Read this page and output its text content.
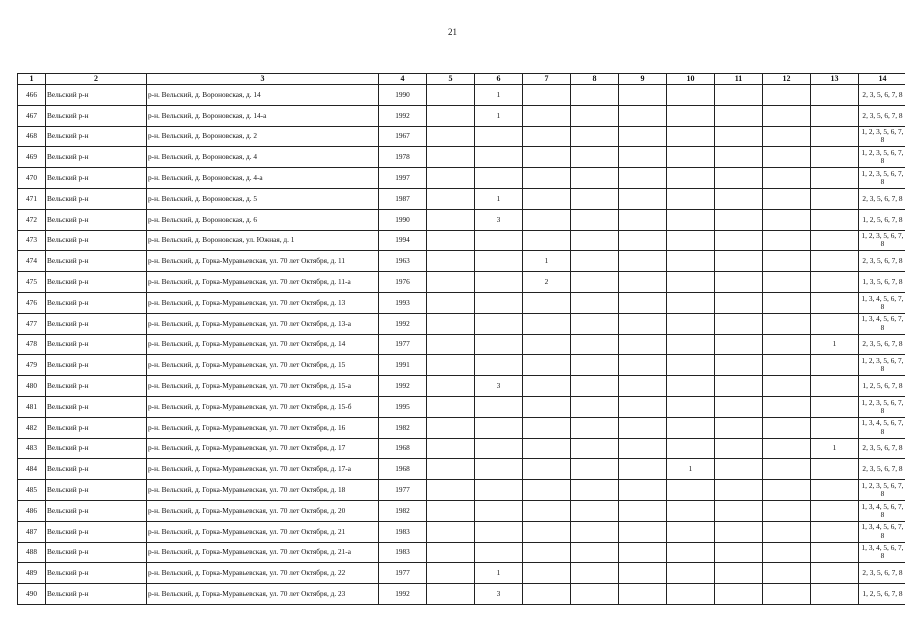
21
1	2	3	4	5	6	7	8	9	10	11	12	13	14
466	Вельский р-н	р-н. Вельский, д. Вороновская, д. 14	1990		1								2, 3, 5, 6, 7, 8
467	Вельский р-н	р-н. Вельский, д. Вороновская, д. 14-а	1992		1								2, 3, 5, 6, 7, 8
468	Вельский р-н	р-н. Вельский, д. Вороновская, д. 2	1967										1, 2, 3, 5, 6, 7, 8
469	Вельский р-н	р-н. Вельский, д. Вороновская, д. 4	1978										1, 2, 3, 5, 6, 7, 8
470	Вельский р-н	р-н. Вельский, д. Вороновская, д. 4-а	1997										1, 2, 3, 5, 6, 7, 8
471	Вельский р-н	р-н. Вельский, д. Вороновская, д. 5	1987		1								2, 3, 5, 6, 7, 8
472	Вельский р-н	р-н. Вельский, д. Вороновская, д. 6	1990		3								1, 2, 5, 6, 7, 8
473	Вельский р-н	р-н. Вельский, д. Вороновская, ул. Южная, д. 1	1994										1, 2, 3, 5, 6, 7, 8
474	Вельский р-н	р-н. Вельский, д. Горка-Муравьевская, ул. 70 лет Октября, д. 11	1963			1							2, 3, 5, 6, 7, 8
475	Вельский р-н	р-н. Вельский, д. Горка-Муравьевская, ул. 70 лет Октября, д. 11-а	1976			2							1, 3, 5, 6, 7, 8
476	Вельский р-н	р-н. Вельский, д. Горка-Муравьевская, ул. 70 лет Октября, д. 13	1993										1, 3, 4, 5, 6, 7, 8
477	Вельский р-н	р-н. Вельский, д. Горка-Муравьевская, ул. 70 лет Октября, д. 13-а	1992										1, 3, 4, 5, 6, 7, 8
478	Вельский р-н	р-н. Вельский, д. Горка-Муравьевская, ул. 70 лет Октября, д. 14	1977									1	2, 3, 5, 6, 7, 8
479	Вельский р-н	р-н. Вельский, д. Горка-Муравьевская, ул. 70 лет Октября, д. 15	1991										1, 2, 3, 5, 6, 7, 8
480	Вельский р-н	р-н. Вельский, д. Горка-Муравьевская, ул. 70 лет Октября, д. 15-а	1992		3								1, 2, 5, 6, 7, 8
481	Вельский р-н	р-н. Вельский, д. Горка-Муравьевская, ул. 70 лет Октября, д. 15-б	1995										1, 2, 3, 5, 6, 7, 8
482	Вельский р-н	р-н. Вельский, д. Горка-Муравьевская, ул. 70 лет Октября, д. 16	1982										1, 3, 4, 5, 6, 7, 8
483	Вельский р-н	р-н. Вельский, д. Горка-Муравьевская, ул. 70 лет Октября, д. 17	1968									1	2, 3, 5, 6, 7, 8
484	Вельский р-н	р-н. Вельский, д. Горка-Муравьевская, ул. 70 лет Октября, д. 17-а	1968						1				2, 3, 5, 6, 7, 8
485	Вельский р-н	р-н. Вельский, д. Горка-Муравьевская, ул. 70 лет Октября, д. 18	1977										1, 2, 3, 5, 6, 7, 8
486	Вельский р-н	р-н. Вельский, д. Горка-Муравьевская, ул. 70 лет Октября, д. 20	1982										1, 3, 4, 5, 6, 7, 8
487	Вельский р-н	р-н. Вельский, д. Горка-Муравьевская, ул. 70 лет Октября, д. 21	1983										1, 3, 4, 5, 6, 7, 8
488	Вельский р-н	р-н. Вельский, д. Горка-Муравьевская, ул. 70 лет Октября, д. 21-а	1983										1, 3, 4, 5, 6, 7, 8
489	Вельский р-н	р-н. Вельский, д. Горка-Муравьевская, ул. 70 лет Октября, д. 22	1977		1								2, 3, 5, 6, 7, 8
490	Вельский р-н	р-н. Вельский, д. Горка-Муравьевская, ул. 70 лет Октября, д. 23	1992		3								1, 2, 5, 6, 7, 8
